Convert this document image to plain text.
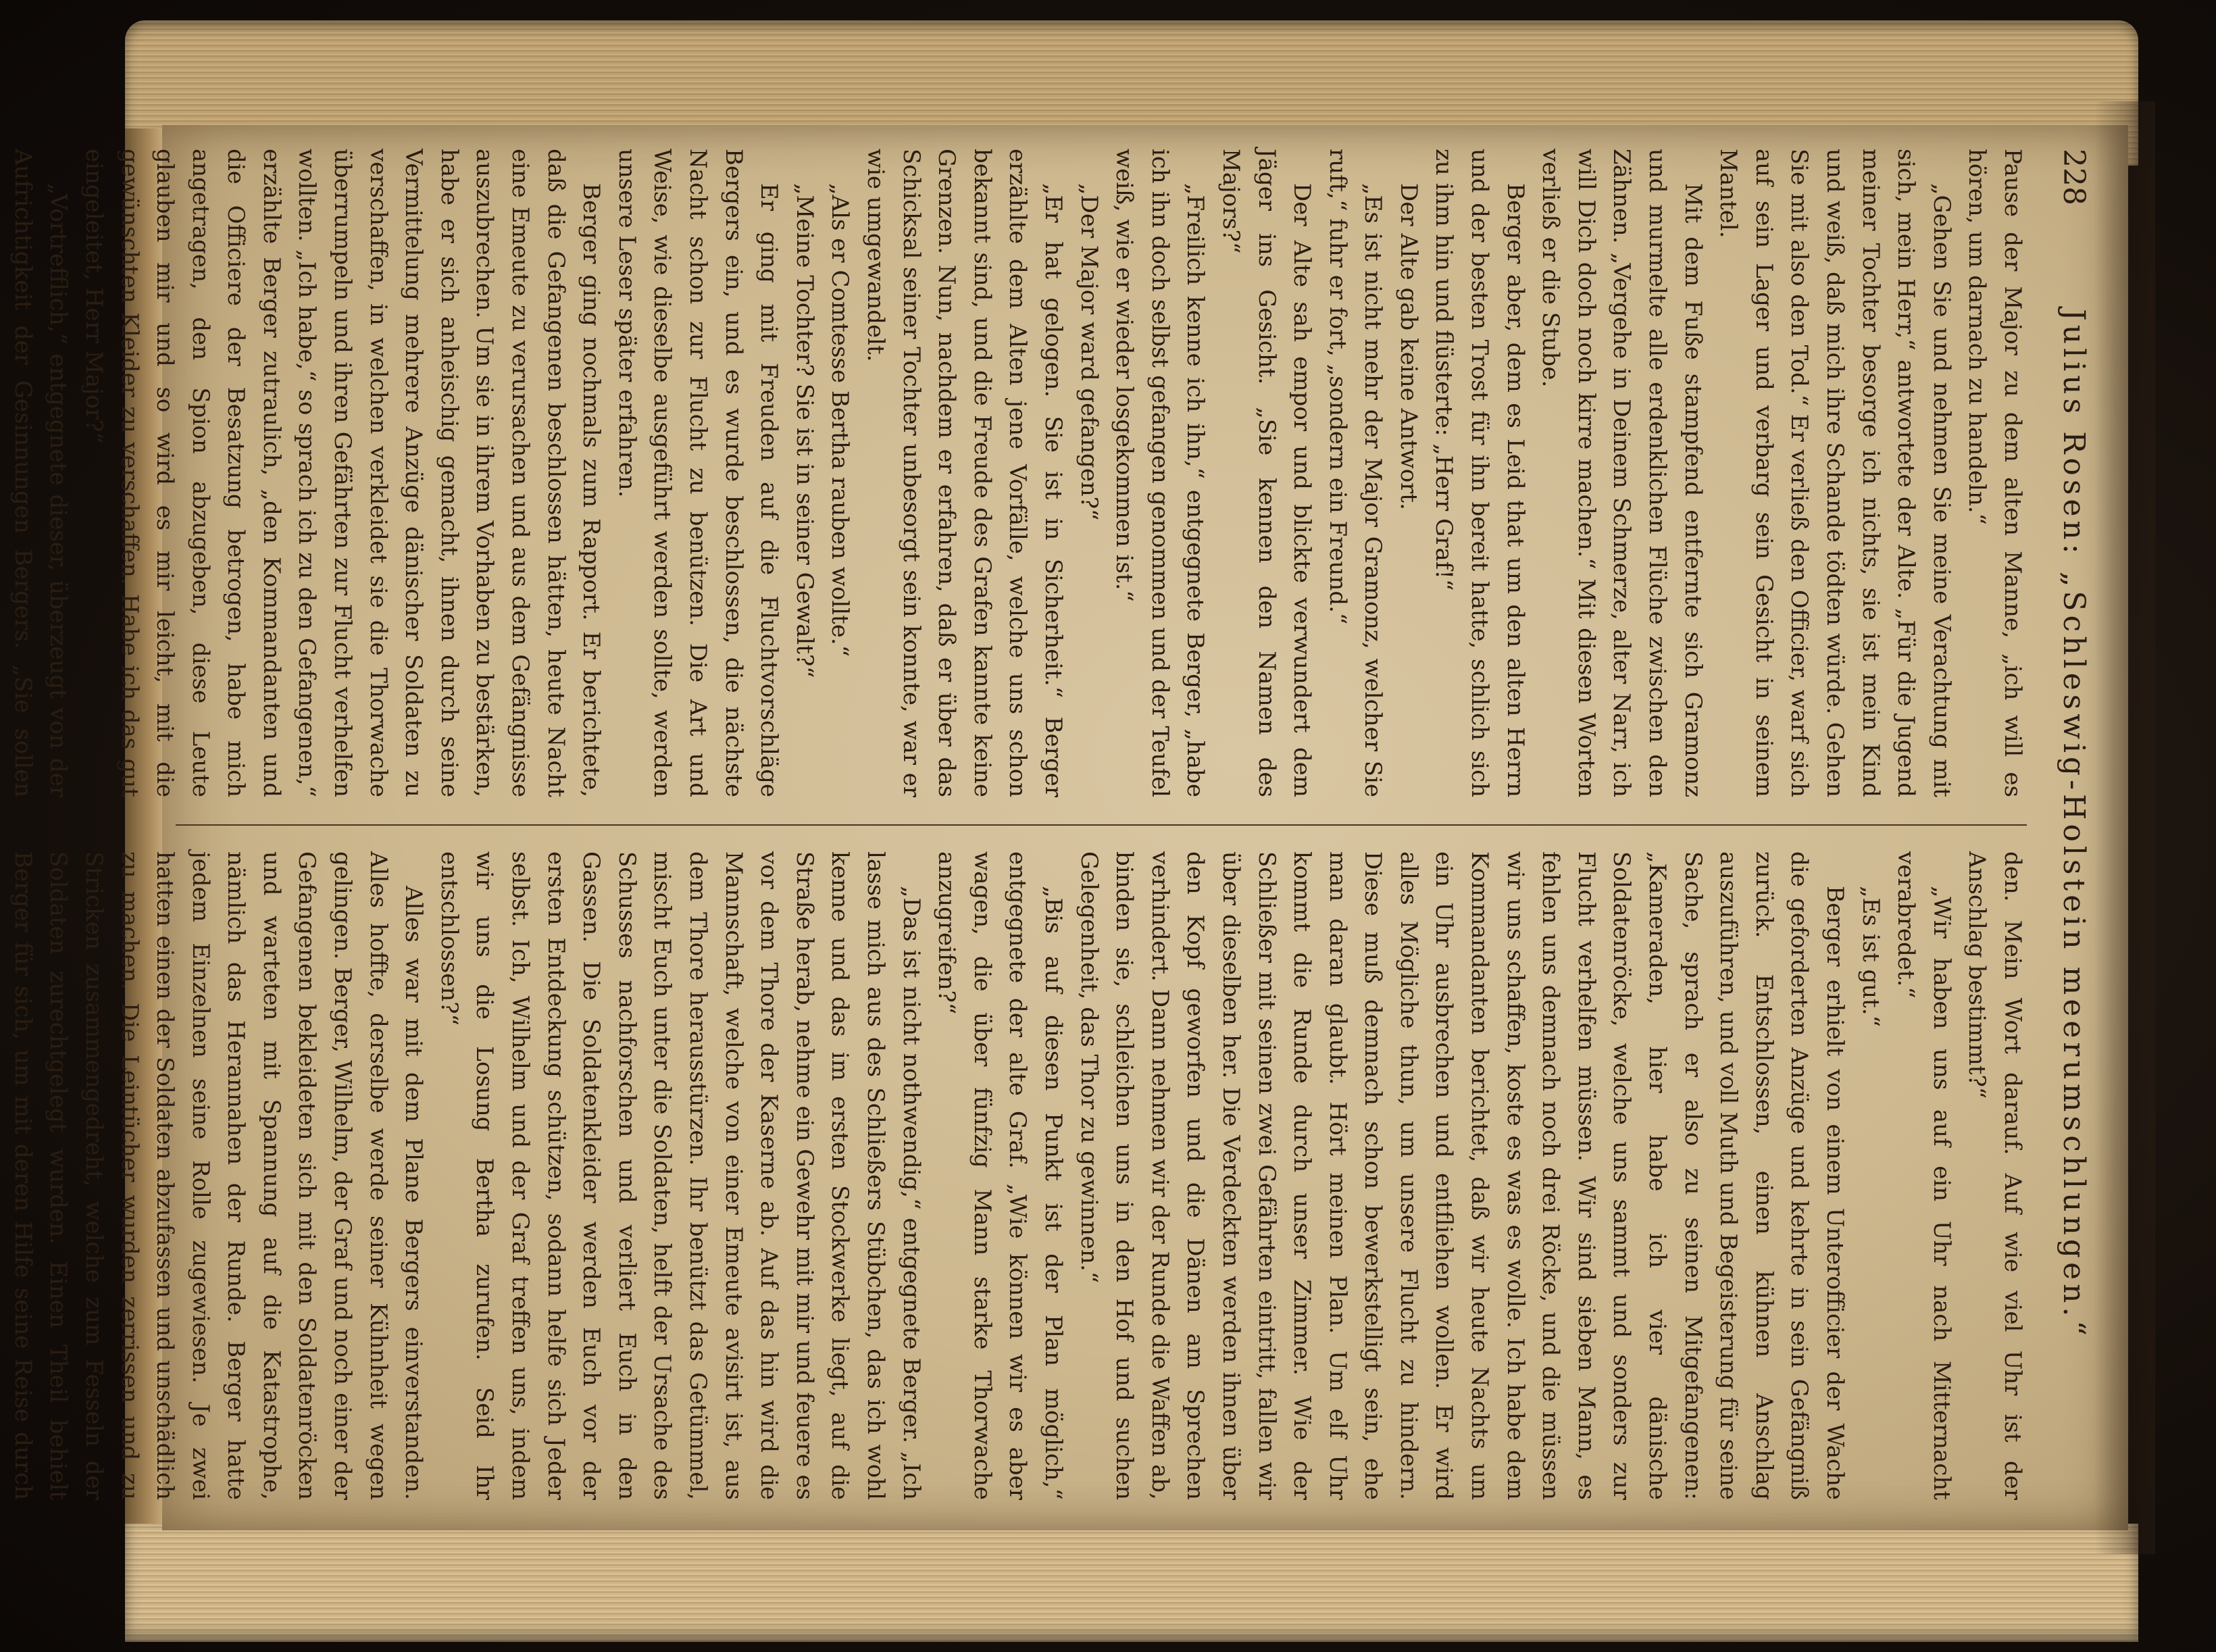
228
Julius Rosen: „Schleswig-Holstein meerumschlungen.“

Pause der Major zu dem alten Manne, „ich will es hören, um darnach zu handeln.“

„Gehen Sie und nehmen Sie meine Verachtung mit sich, mein Herr,“ antwortete der Alte. „Für die Jugend meiner Tochter besorge ich nichts, sie ist mein Kind und weiß, daß mich ihre Schande tödten würde. Gehen Sie mit also den Tod.“ Er verließ den Officier, warf sich auf sein Lager und verbarg sein Gesicht in seinem Mantel.

Mit dem Fuße stampfend entfernte sich Gramonz und murmelte alle erdenklichen Flüche zwischen den Zähnen. „Vergehe in Deinem Schmerze, alter Narr, ich will Dich doch noch kirre machen.“ Mit diesen Worten verließ er die Stube.

Berger aber, dem es Leid that um den alten Herrn und der besten Trost für ihn bereit hatte, schlich sich zu ihm hin und flüsterte: „Herr Graf!“

Der Alte gab keine Antwort.

„Es ist nicht mehr der Major Gramonz, welcher Sie ruft,“ fuhr er fort, „sondern ein Freund.“

Der Alte sah empor und blickte verwundert dem Jäger ins Gesicht. „Sie kennen den Namen des Majors?“

„Freilich kenne ich ihn,“ entgegnete Berger, „habe ich ihn doch selbst gefangen genommen und der Teufel weiß, wie er wieder losgekommen ist.“

„Der Major ward gefangen?“

„Er hat gelogen. Sie ist in Sicherheit.“ Berger erzählte dem Alten jene Vorfälle, welche uns schon bekannt sind, und die Freude des Grafen kannte keine Grenzen. Nun, nachdem er erfahren, daß er über das Schicksal seiner Tochter unbesorgt sein konnte, war er wie umgewandelt.

„Als er Comtesse Bertha rauben wollte.“

„Meine Tochter? Sie ist in seiner Gewalt?“

Er ging mit Freuden auf die Fluchtvorschläge Bergers ein, und es wurde beschlossen, die nächste Nacht schon zur Flucht zu benützen. Die Art und Weise, wie dieselbe ausgeführt werden sollte, werden unsere Leser später erfahren.

Berger ging nochmals zum Rapport. Er berichtete, daß die Gefangenen beschlossen hätten, heute Nacht eine Emeute zu verursachen und aus dem Gefängnisse auszubrechen. Um sie in ihrem Vorhaben zu bestärken, habe er sich anheischig gemacht, ihnen durch seine Vermittelung mehrere Anzüge dänischer Soldaten zu verschaffen, in welchen verkleidet sie die Thorwache überrumpeln und ihren Gefährten zur Flucht verhelfen wollten. „Ich habe,“ so sprach ich zu den Gefangenen,“ erzählte Berger zutraulich, „den Kommandanten und die Officiere der Besatzung betrogen, habe mich angetragen, den Spion abzugeben, diese Leute glauben mir und so wird es mir leicht, mit die gewünschten Kleider zu verschaffen. Habe ich das gut eingeleitet, Herr Major?“

„Vortrefflich,“ entgegnete dieser, überzeugt von der Aufrichtigkeit der Gesinnungen Bergers. „Sie sollen

den. Mein Wort darauf. Auf wie viel Uhr ist der Anschlag bestimmt?“

„Wir haben uns auf ein Uhr nach Mitternacht verabredet.“

„Es ist gut.“

Berger erhielt von einem Unterofficier der Wache die geforderten Anzüge und kehrte in sein Gefängniß zurück. Entschlossen, einen kühnen Anschlag auszuführen, und voll Muth und Begeisterung für seine Sache, sprach er also zu seinen Mitgefangenen: „Kameraden, hier habe ich vier dänische Soldatenröcke, welche uns sammt und sonders zur Flucht verhelfen müssen. Wir sind sieben Mann, es fehlen uns demnach noch drei Röcke, und die müssen wir uns schaffen, koste es was es wolle. Ich habe dem Kommandanten berichtet, daß wir heute Nachts um ein Uhr ausbrechen und entfliehen wollen. Er wird alles Mögliche thun, um unsere Flucht zu hindern. Diese muß demnach schon bewerkstelligt sein, ehe man daran glaubt. Hört meinen Plan. Um elf Uhr kommt die Runde durch unser Zimmer. Wie der Schließer mit seinen zwei Gefährten eintritt, fallen wir über dieselben her. Die Verdeckten werden ihnen über den Kopf geworfen und die Dänen am Sprechen verhindert. Dann nehmen wir der Runde die Waffen ab, binden sie, schleichen uns in den Hof und suchen Gelegenheit, das Thor zu gewinnen.“

„Bis auf diesen Punkt ist der Plan möglich,“ entgegnete der alte Graf. „Wie können wir es aber wagen, die über fünfzig Mann starke Thorwache anzugreifen?“

„Das ist nicht nothwendig,“ entgegnete Berger. „Ich lasse mich aus des Schließers Stübchen, das ich wohl kenne und das im ersten Stockwerke liegt, auf die Straße herab, nehme ein Gewehr mit mir und feuere es vor dem Thore der Kaserne ab. Auf das hin wird die Mannschaft, welche von einer Emeute avisirt ist, aus dem Thore herausstürzen. Ihr benützt das Getümmel, mischt Euch unter die Soldaten, helft der Ursache des Schusses nachforschen und verliert Euch in den Gassen. Die Soldatenkleider werden Euch vor der ersten Entdeckung schützen, sodann helfe sich Jeder selbst. Ich, Wilhelm und der Graf treffen uns, indem wir uns die Losung Bertha zurufen. Seid Ihr entschlossen?“

Alles war mit dem Plane Bergers einverstanden. Alles hoffte, derselbe werde seiner Kühnheit wegen gelingen. Berger, Wilhelm, der Graf und noch einer der Gefangenen bekleideten sich mit den Soldatenröcken und warteten mit Spannung auf die Katastrophe, nämlich das Herannahen der Runde. Berger hatte jedem Einzelnen seine Rolle zugewiesen. Je zwei hatten einen der Soldaten abzufassen und unschädlich zu machen. Die Leintücher wurden zerrissen und zu Stricken zusammengedreht, welche zum Fesseln der Soldaten zurechtgelegt wurden. Einen Theil behielt Berger für sich, um mit deren Hilfe seine Reise durch
